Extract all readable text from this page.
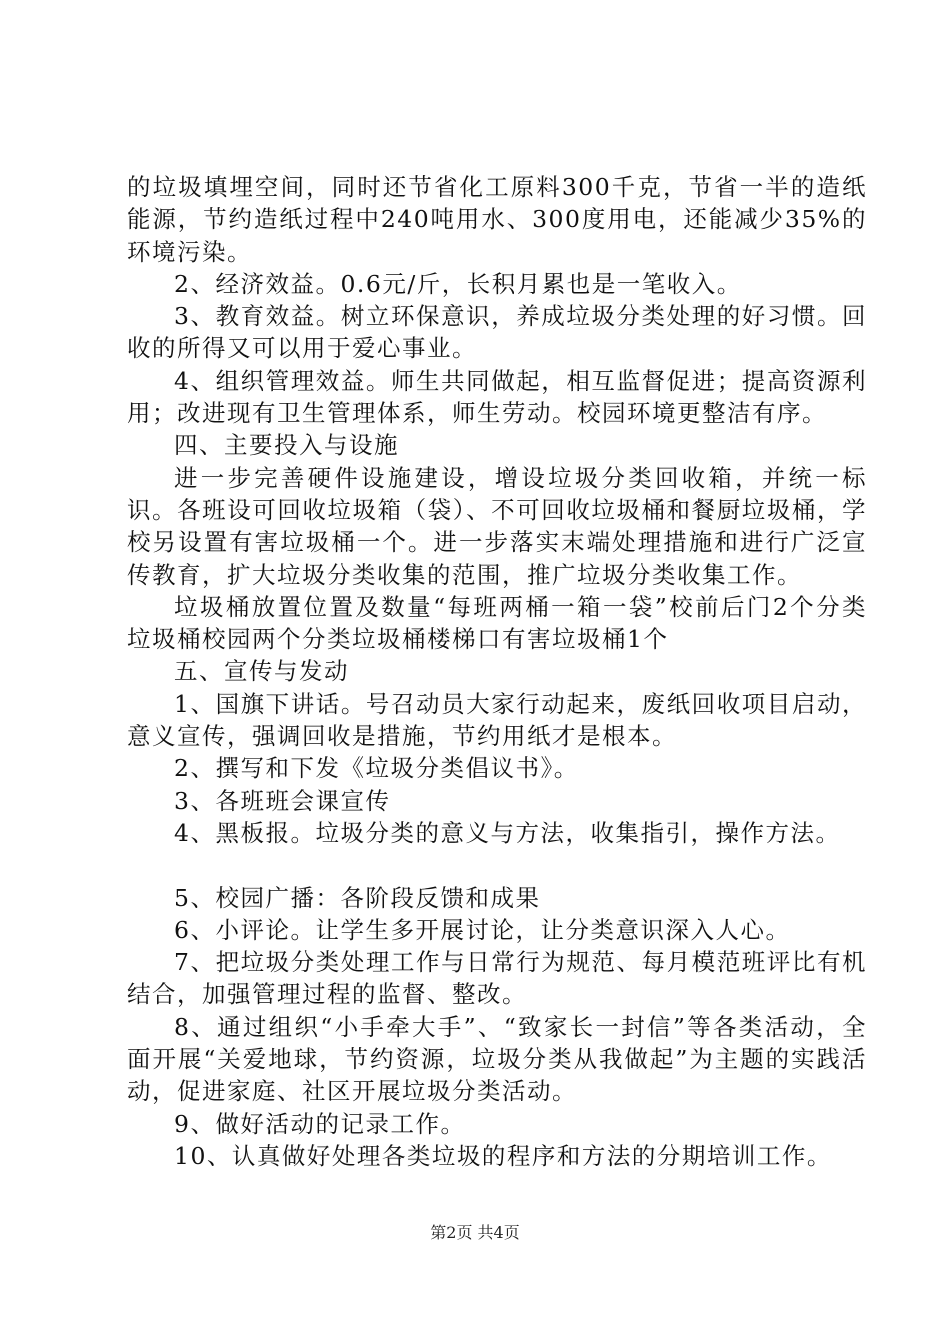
的垃圾填埋空间，同时还节省化工原料300千克，节省一半的造纸能源，节约造纸过程中240吨用水、300度用电，还能减少35%的环境污染。

2、经济效益。0.6元/斤，长积月累也是一笔收入。

3、教育效益。树立环保意识，养成垃圾分类处理的好习惯。回收的所得又可以用于爱心事业。

4、组织管理效益。师生共同做起，相互监督促进；提高资源利用；改进现有卫生管理体系，师生劳动。校园环境更整洁有序。

四、主要投入与设施

进一步完善硬件设施建设，增设垃圾分类回收箱，并统一标识。各班设可回收垃圾箱（袋）、不可回收垃圾桶和餐厨垃圾桶，学校另设置有害垃圾桶一个。进一步落实末端处理措施和进行广泛宣传教育，扩大垃圾分类收集的范围，推广垃圾分类收集工作。

垃圾桶放置位置及数量“每班两桶一箱一袋”校前后门2个分类垃圾桶校园两个分类垃圾桶楼梯口有害垃圾桶1个

五、宣传与发动

1、国旗下讲话。号召动员大家行动起来，废纸回收项目启动，意义宣传，强调回收是措施，节约用纸才是根本。

2、撰写和下发《垃圾分类倡议书》。

3、各班班会课宣传

4、黑板报。垃圾分类的意义与方法，收集指引，操作方法。

5、校园广播：各阶段反馈和成果

6、小评论。让学生多开展讨论，让分类意识深入人心。

7、把垃圾分类处理工作与日常行为规范、每月模范班评比有机结合，加强管理过程的监督、整改。

8、通过组织“小手牵大手”、“致家长一封信”等各类活动，全面开展“关爱地球，节约资源，垃圾分类从我做起”为主题的实践活动，促进家庭、社区开展垃圾分类活动。

9、做好活动的记录工作。

10、认真做好处理各类垃圾的程序和方法的分期培训工作。

第2页 共4页
